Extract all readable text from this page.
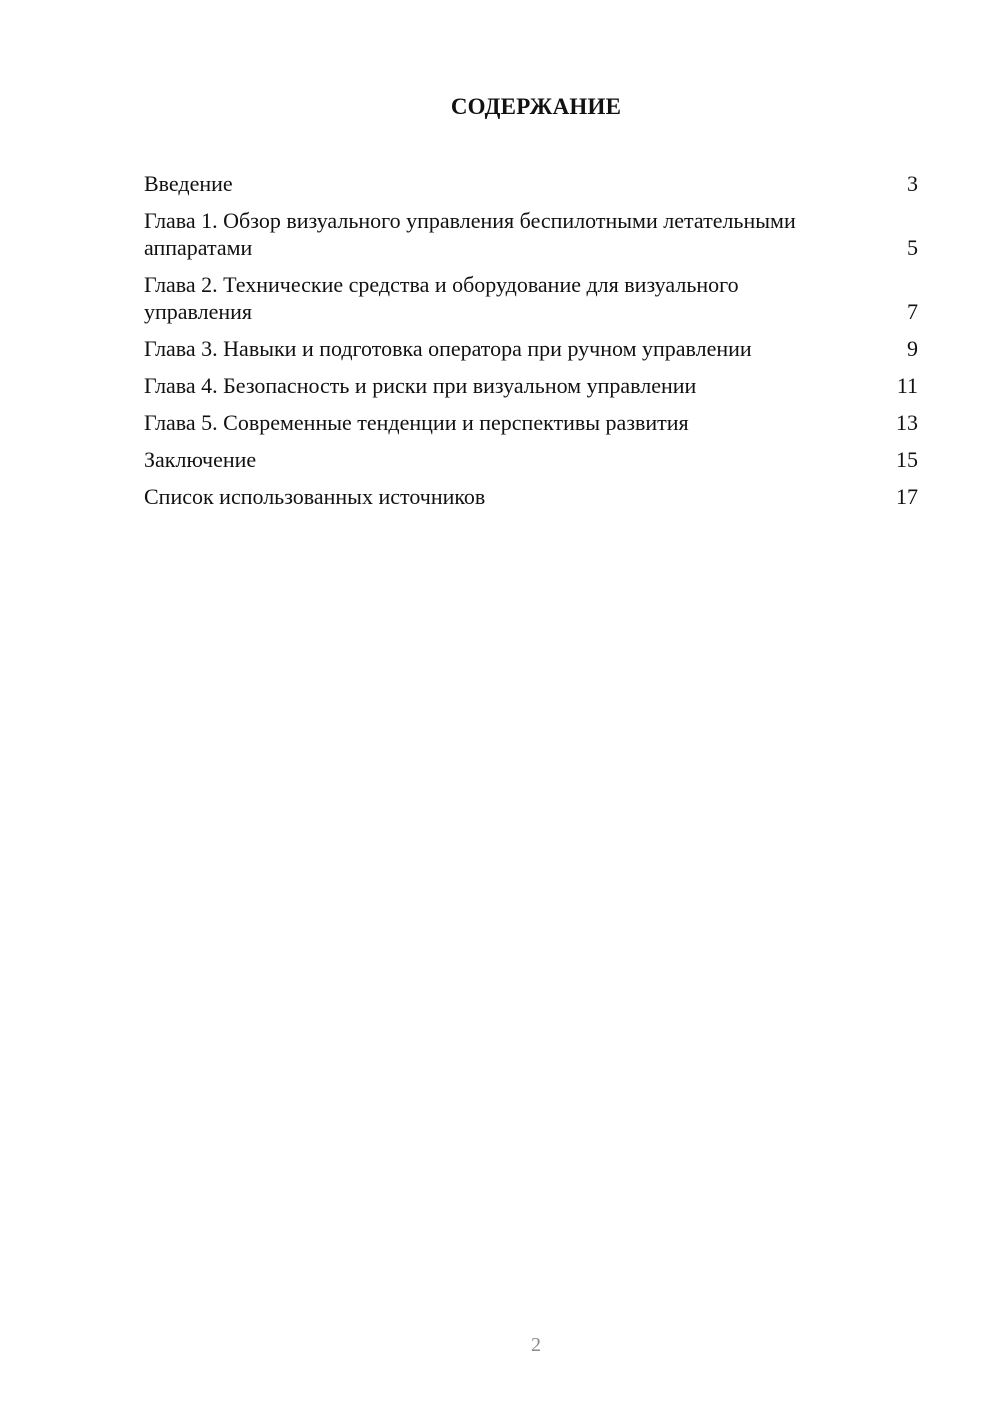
СОДЕРЖАНИЕ
Введение	3
Глава 1. Обзор визуального управления беспилотными летательными аппаратами	5
Глава 2. Технические средства и оборудование для визуального управления	7
Глава 3. Навыки и подготовка оператора при ручном управлении	9
Глава 4. Безопасность и риски при визуальном управлении	11
Глава 5. Современные тенденции и перспективы развития	13
Заключение	15
Список использованных источников	17
2
